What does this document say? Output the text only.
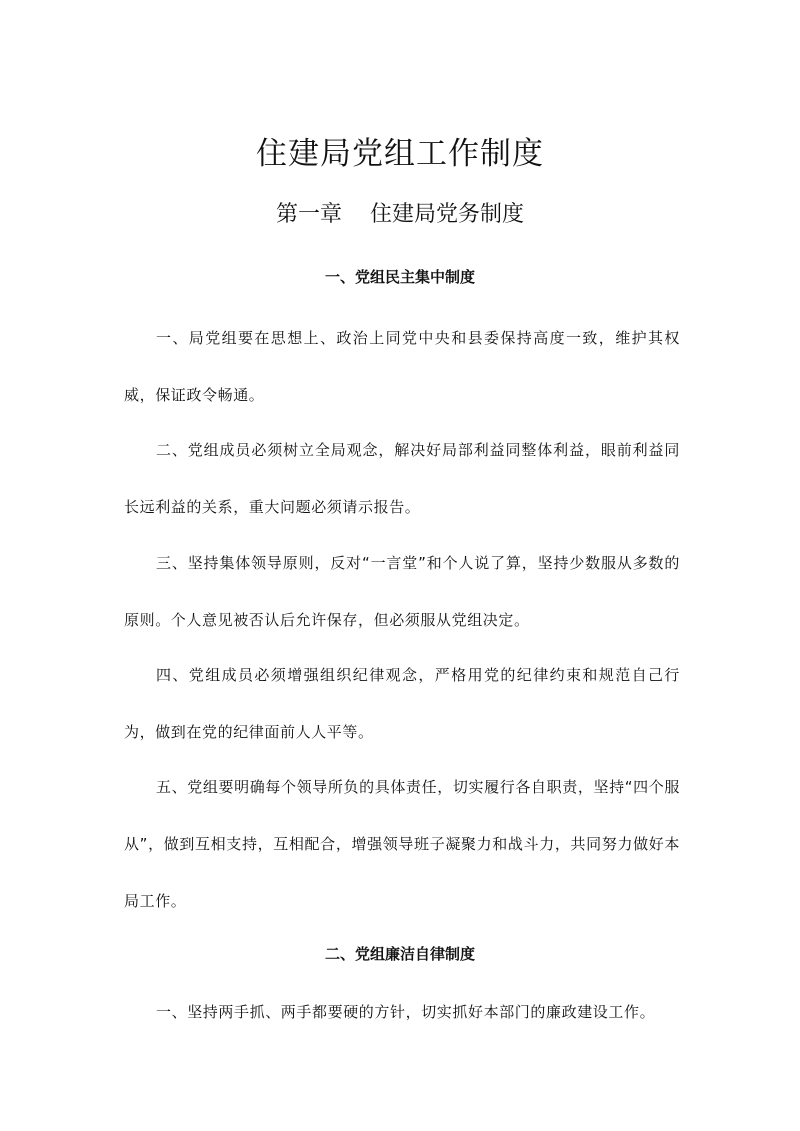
住建局党组工作制度
第一章 住建局党务制度
一、党组民主集中制度

一、局党组要在思想上、政治上同党中央和县委保持高度一致，维护其权威，保证政令畅通。

二、党组成员必须树立全局观念，解决好局部利益同整体利益，眼前利益同长远利益的关系，重大问题必须请示报告。

三、坚持集体领导原则，反对“一言堂”和个人说了算，坚持少数服从多数的原则。个人意见被否认后允许保存，但必须服从党组决定。

四、党组成员必须增强组织纪律观念，严格用党的纪律约束和规范自己行为，做到在党的纪律面前人人平等。

五、党组要明确每个领导所负的具体责任，切实履行各自职责，坚持“四个服从”，做到互相支持，互相配合，增强领导班子凝聚力和战斗力，共同努力做好本局工作。

二、党组廉洁自律制度

一、坚持两手抓、两手都要硬的方针，切实抓好本部门的廉政建设工作。
